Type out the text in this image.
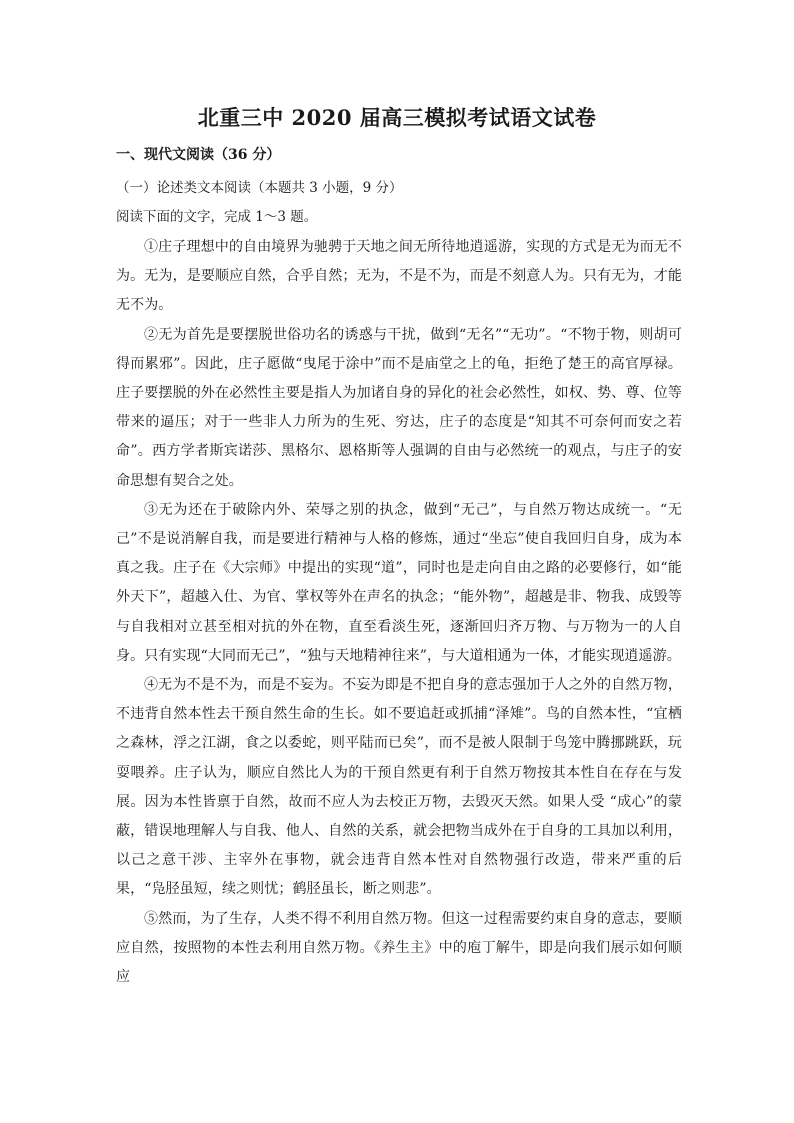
北重三中 2020 届高三模拟考试语文试卷
一、现代文阅读（36 分）
（一）论述类文本阅读（本题共 3 小题，9 分）
阅读下面的文字，完成 1～3 题。

①庄子理想中的自由境界为驰骋于天地之间无所待地逍遥游，实现的方式是无为而无不为。无为，是要顺应自然，合乎自然；无为，不是不为，而是不刻意人为。只有无为，才能无不为。

②无为首先是要摆脱世俗功名的诱惑与干扰，做到“无名”“无功”。“不物于物，则胡可得而累邪”。因此，庄子愿做“曳尾于涂中”而不是庙堂之上的龟，拒绝了楚王的高官厚禄。庄子要摆脱的外在必然性主要是指人为加诸自身的异化的社会必然性，如权、势、尊、位等带来的逼压；对于一些非人力所为的生死、穷达，庄子的态度是“知其不可奈何而安之若命”。西方学者斯宾诺莎、黑格尔、恩格斯等人强调的自由与必然统一的观点，与庄子的安命思想有契合之处。

③无为还在于破除内外、荣辱之别的执念，做到“无己”，与自然万物达成统一。“无己”不是说消解自我，而是要进行精神与人格的修炼，通过“坐忘”使自我回归自身，成为本真之我。庄子在《大宗师》中提出的实现“道”，同时也是走向自由之路的必要修行，如“能外天下”，超越入仕、为官、掌权等外在声名的执念；“能外物”，超越是非、物我、成毁等与自我相对立甚至相对抗的外在物，直至看淡生死，逐渐回归齐万物、与万物为一的人自身。只有实现“大同而无己”，“独与天地精神往来”，与大道相通为一体，才能实现逍遥游。

④无为不是不为，而是不妄为。不妄为即是不把自身的意志强加于人之外的自然万物，不违背自然本性去干预自然生命的生长。如不要追赶或抓捕“泽雉”。鸟的自然本性，“宜栖之森林，浮之江湖，食之以委蛇，则平陆而已矣”，而不是被人限制于鸟笼中腾挪跳跃，玩耍喂养。庄子认为，顺应自然比人为的干预自然更有利于自然万物按其本性自在存在与发展。因为本性皆禀于自然，故而不应人为去校正万物，去毁灭天然。如果人受 “成心”的蒙蔽，错误地理解人与自我、他人、自然的关系，就会把物当成外在于自身的工具加以利用，以己之意干涉、主宰外在事物，就会违背自然本性对自然物强行改造，带来严重的后果，“凫胫虽短，续之则忧；鹤胫虽长，断之则悲”。

⑤然而，为了生存，人类不得不利用自然万物。但这一过程需要约束自身的意志，要顺应自然，按照物的本性去利用自然万物。《养生主》中的庖丁解牛，即是向我们展示如何顺应
